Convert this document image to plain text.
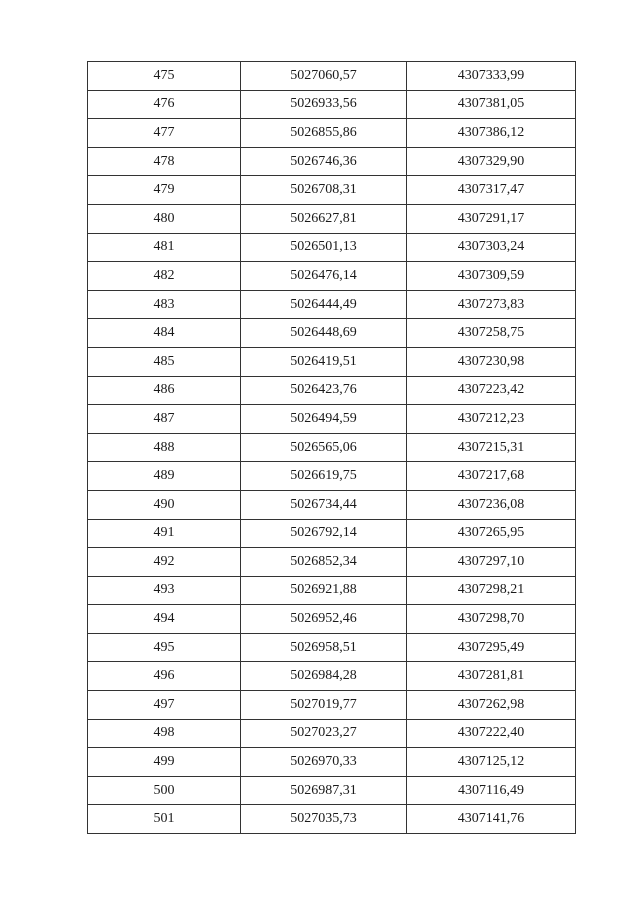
475	5027060,57	4307333,99
476	5026933,56	4307381,05
477	5026855,86	4307386,12
478	5026746,36	4307329,90
479	5026708,31	4307317,47
480	5026627,81	4307291,17
481	5026501,13	4307303,24
482	5026476,14	4307309,59
483	5026444,49	4307273,83
484	5026448,69	4307258,75
485	5026419,51	4307230,98
486	5026423,76	4307223,42
487	5026494,59	4307212,23
488	5026565,06	4307215,31
489	5026619,75	4307217,68
490	5026734,44	4307236,08
491	5026792,14	4307265,95
492	5026852,34	4307297,10
493	5026921,88	4307298,21
494	5026952,46	4307298,70
495	5026958,51	4307295,49
496	5026984,28	4307281,81
497	5027019,77	4307262,98
498	5027023,27	4307222,40
499	5026970,33	4307125,12
500	5026987,31	4307116,49
501	5027035,73	4307141,76
